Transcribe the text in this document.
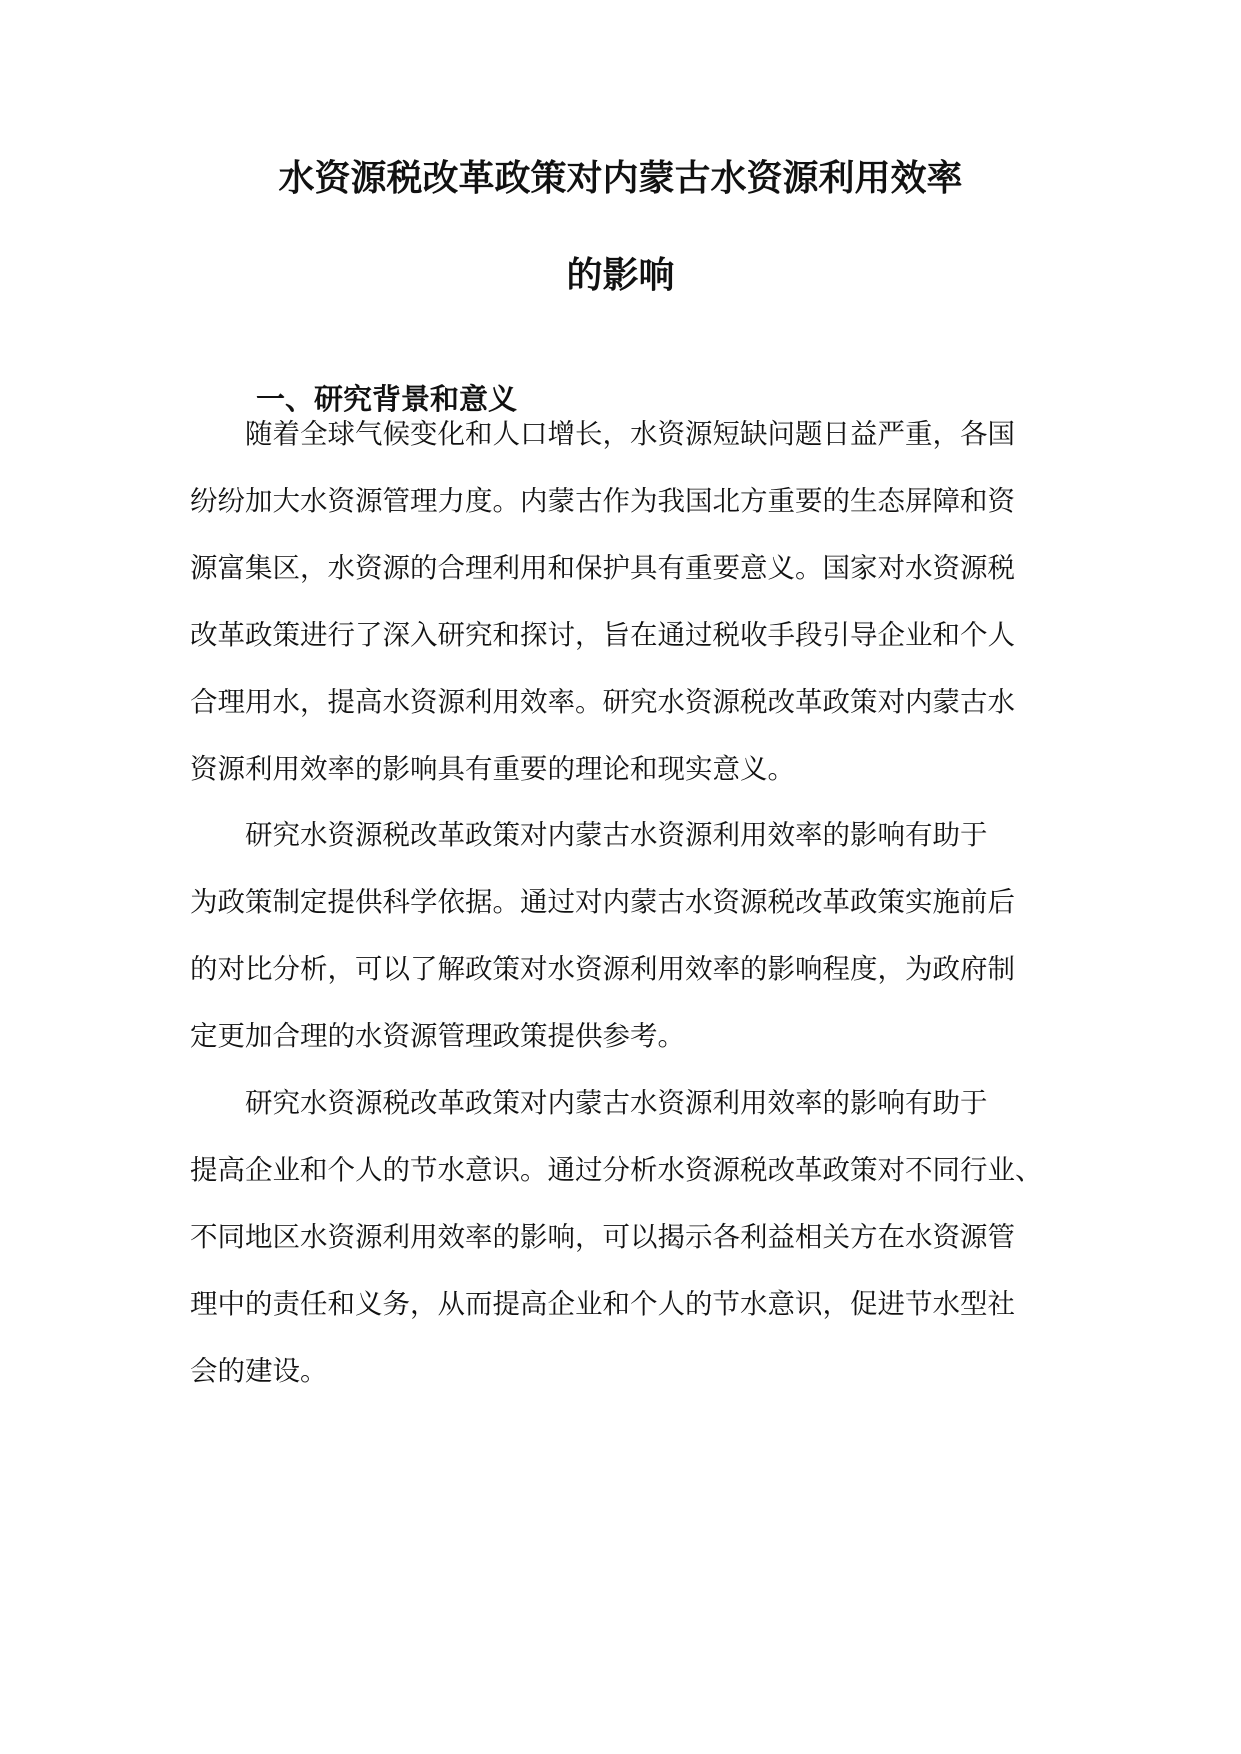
水资源税改革政策对内蒙古水资源利用效率
的影响
一、研究背景和意义
随着全球气候变化和人口增长，水资源短缺问题日益严重，各国
纷纷加大水资源管理力度。内蒙古作为我国北方重要的生态屏障和资
源富集区，水资源的合理利用和保护具有重要意义。国家对水资源税
改革政策进行了深入研究和探讨，旨在通过税收手段引导企业和个人
合理用水，提高水资源利用效率。研究水资源税改革政策对内蒙古水
资源利用效率的影响具有重要的理论和现实意义。
研究水资源税改革政策对内蒙古水资源利用效率的影响有助于
为政策制定提供科学依据。通过对内蒙古水资源税改革政策实施前后
的对比分析，可以了解政策对水资源利用效率的影响程度，为政府制
定更加合理的水资源管理政策提供参考。
研究水资源税改革政策对内蒙古水资源利用效率的影响有助于
提高企业和个人的节水意识。通过分析水资源税改革政策对不同行业、
不同地区水资源利用效率的影响，可以揭示各利益相关方在水资源管
理中的责任和义务，从而提高企业和个人的节水意识，促进节水型社
会的建设。
